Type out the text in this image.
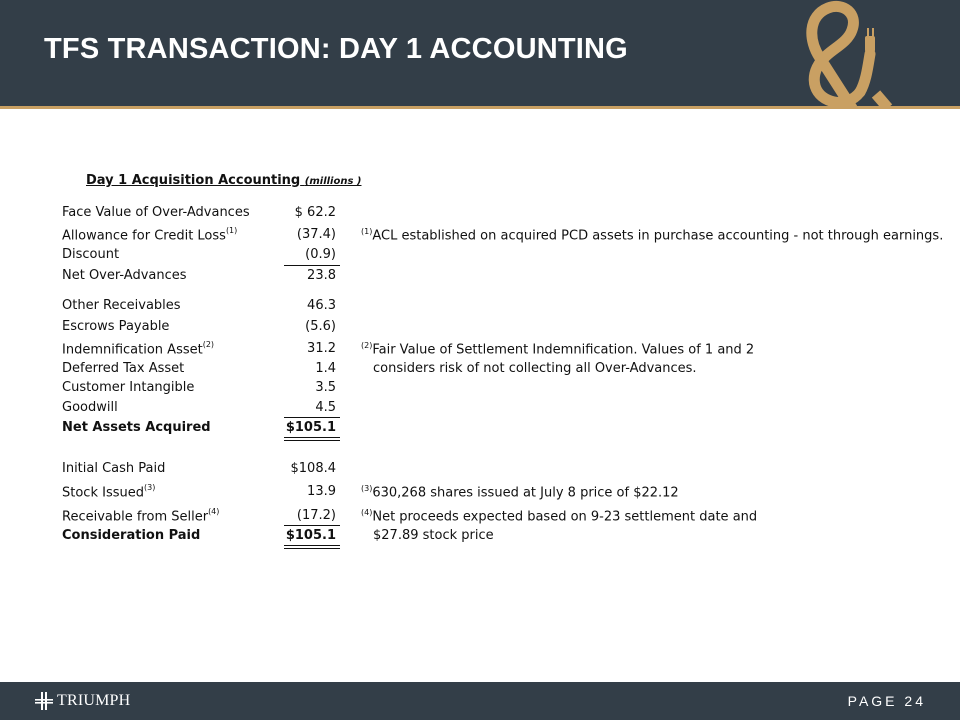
TFS TRANSACTION: DAY 1 ACCOUNTING
Day 1 Acquisition Accounting (millions )
Face Value of Over-Advances	$ 62.2
Allowance for Credit Loss$^{(1)}$	(37.4)
Discount	(0.9)
Net Over-Advances	23.8
Other Receivables	46.3
Escrows Payable	(5.6)
Indemnification Asset$^{(2)}$	31.2
Deferred Tax Asset	1.4
Customer Intangible	3.5
Goodwill	4.5
Net Assets Acquired	$105.1
Initial Cash Paid	$108.4
Stock Issued$^{(3)}$	13.9
Receivable from Seller$^{(4)}$	(17.2)
Consideration Paid	$105.1
$^{(1)}$ACL established on acquired PCD assets in purchase accounting - not through earnings.
$^{(2)}$Fair Value of Settlement Indemnification. Values of 1 and 2
considers risk of not collecting all Over-Advances.
$^{(3)}$630,268 shares issued at July 8 price of $22.12
$^{(4)}$Net proceeds expected based on 9-23 settlement date and
$27.89 stock price
TRIUMPH	PAGE 24
